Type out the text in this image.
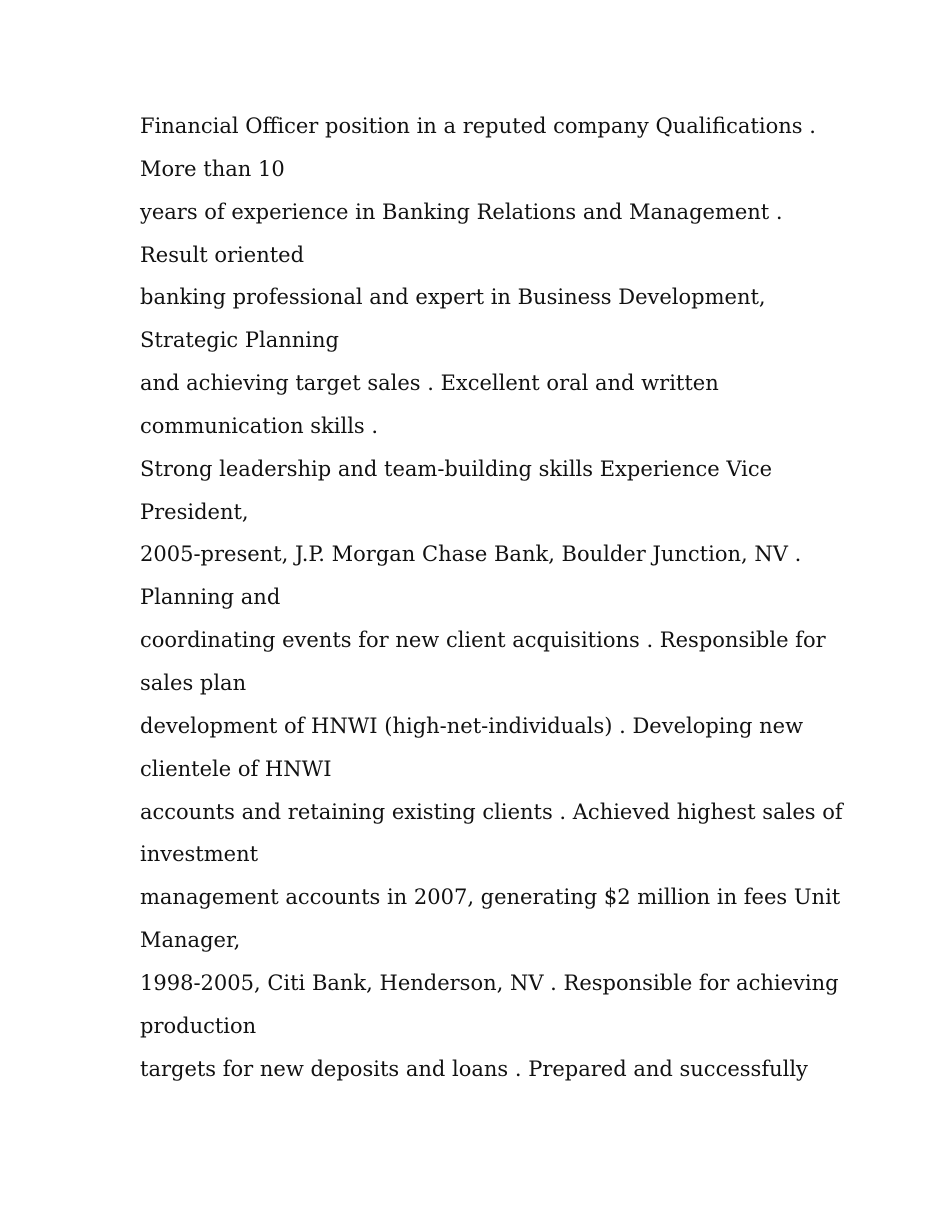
Financial Officer position in a reputed company Qualifications .
More than 10
years of experience in Banking Relations and Management .
Result oriented
banking professional and expert in Business Development,
Strategic Planning
and achieving target sales . Excellent oral and written
communication skills .
Strong leadership and team-building skills Experience Vice
President,
2005-present, J.P. Morgan Chase Bank, Boulder Junction, NV .
Planning and
coordinating events for new client acquisitions . Responsible for
sales plan
development of HNWI (high-net-individuals) . Developing new
clientele of HNWI
accounts and retaining existing clients . Achieved highest sales of
investment
management accounts in 2007, generating $2 million in fees Unit
Manager,
1998-2005, Citi Bank, Henderson, NV . Responsible for achieving
production
targets for new deposits and loans . Prepared and successfully
